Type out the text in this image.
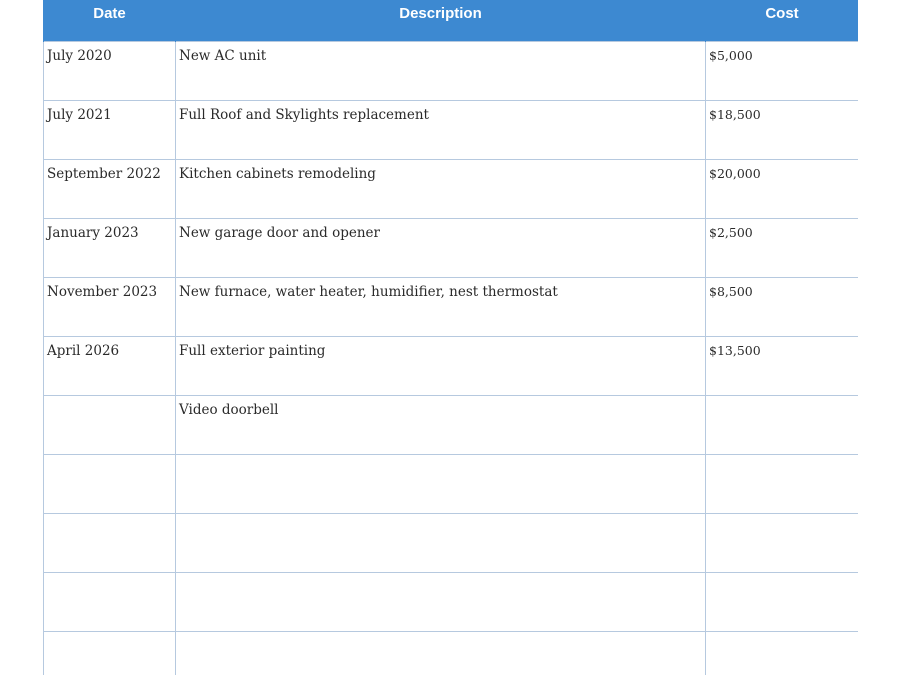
Date	Description	Cost
July 2020	New AC unit	$5,000
July 2021	Full Roof and Skylights replacement	$18,500
September 2022	Kitchen cabinets remodeling	$20,000
January 2023	New garage door and opener	$2,500
November 2023	New furnace, water heater, humidifier, nest thermostat	$8,500
April 2026	Full exterior painting	$13,500
	Video doorbell	
